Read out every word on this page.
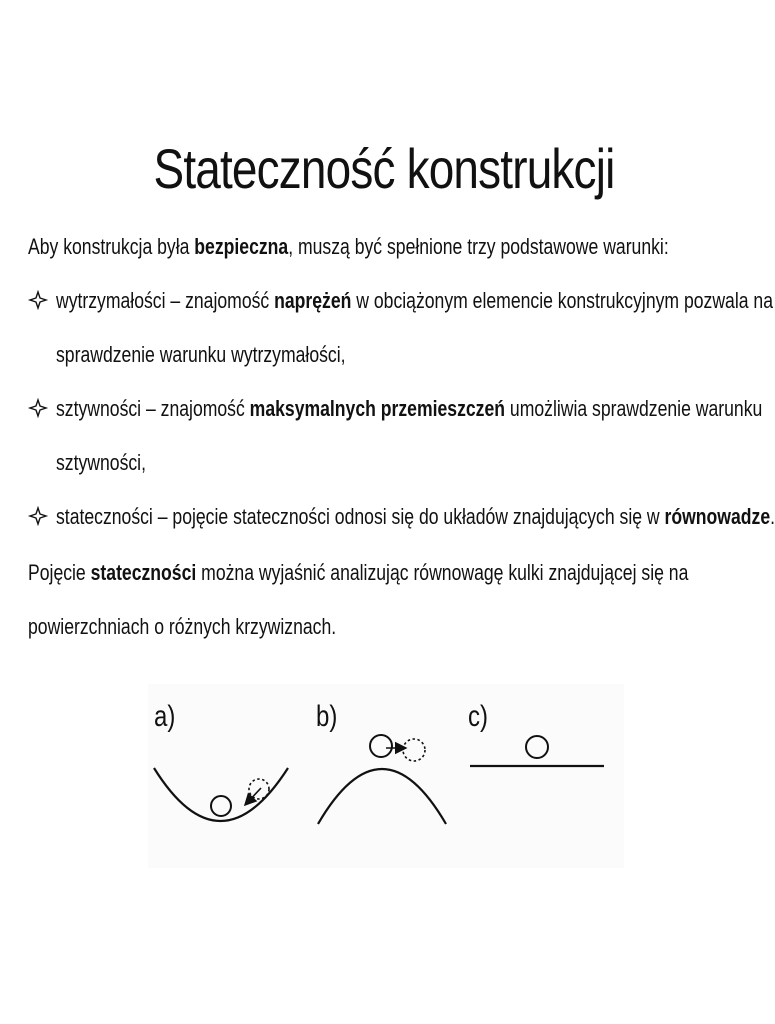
Stateczność konstrukcji
Aby konstrukcja była bezpieczna, muszą być spełnione trzy podstawowe warunki:
wytrzymałości – znajomość naprężeń w obciążonym elemencie konstrukcyjnym pozwala na
sprawdzenie warunku wytrzymałości,
sztywności – znajomość maksymalnych przemieszczeń umożliwia sprawdzenie warunku
sztywności,
stateczności – pojęcie stateczności odnosi się do układów znajdujących się w równowadze.
Pojęcie stateczności można wyjaśnić analizując równowagę kulki znajdującej się na
powierzchniach o różnych krzywiznach.
a)	b)	c)
